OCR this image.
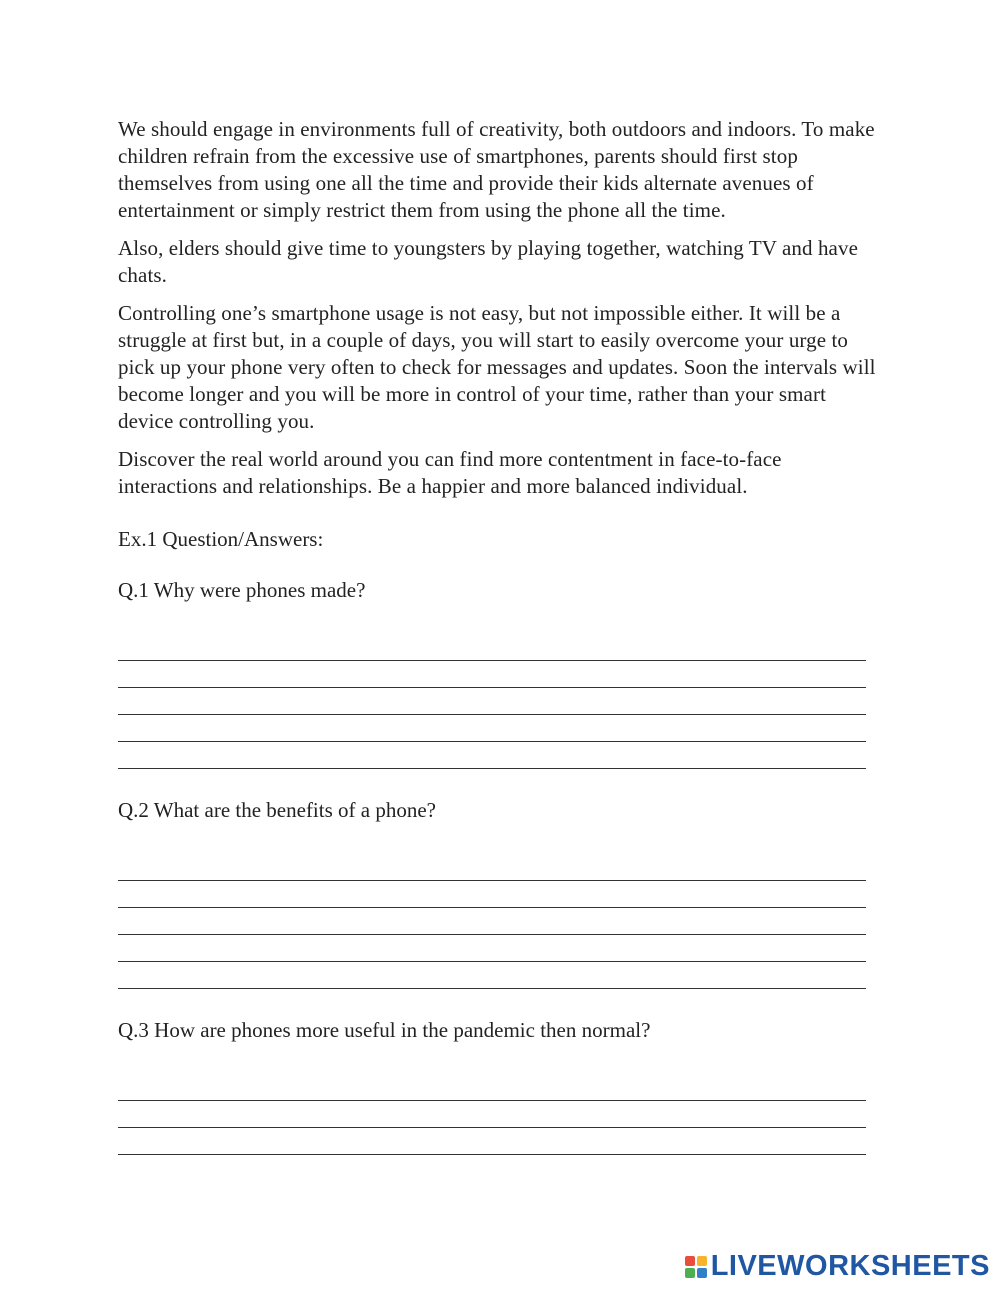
We should engage in environments full of creativity, both outdoors and indoors. To make children refrain from the excessive use of smartphones, parents should first stop themselves from using one all the time and provide their kids alternate avenues of entertainment or simply restrict them from using the phone all the time.

Also, elders should give time to youngsters by playing together, watching TV and have chats.

Controlling one’s smartphone usage is not easy, but not impossible either. It will be a struggle at first but, in a couple of days, you will start to easily overcome your urge to pick up your phone very often to check for messages and updates. Soon the intervals will become longer and you will be more in control of your time, rather than your smart device controlling you.

Discover the real world around you can find more contentment in face-to-face interactions and relationships. Be a happier and more balanced individual.

Ex.1 Question/Answers:
Q.1 Why were phones made?
Q.2 What are the benefits of a phone?
Q.3 How are phones more useful in the pandemic then normal?
LIVEWORKSHEETS
